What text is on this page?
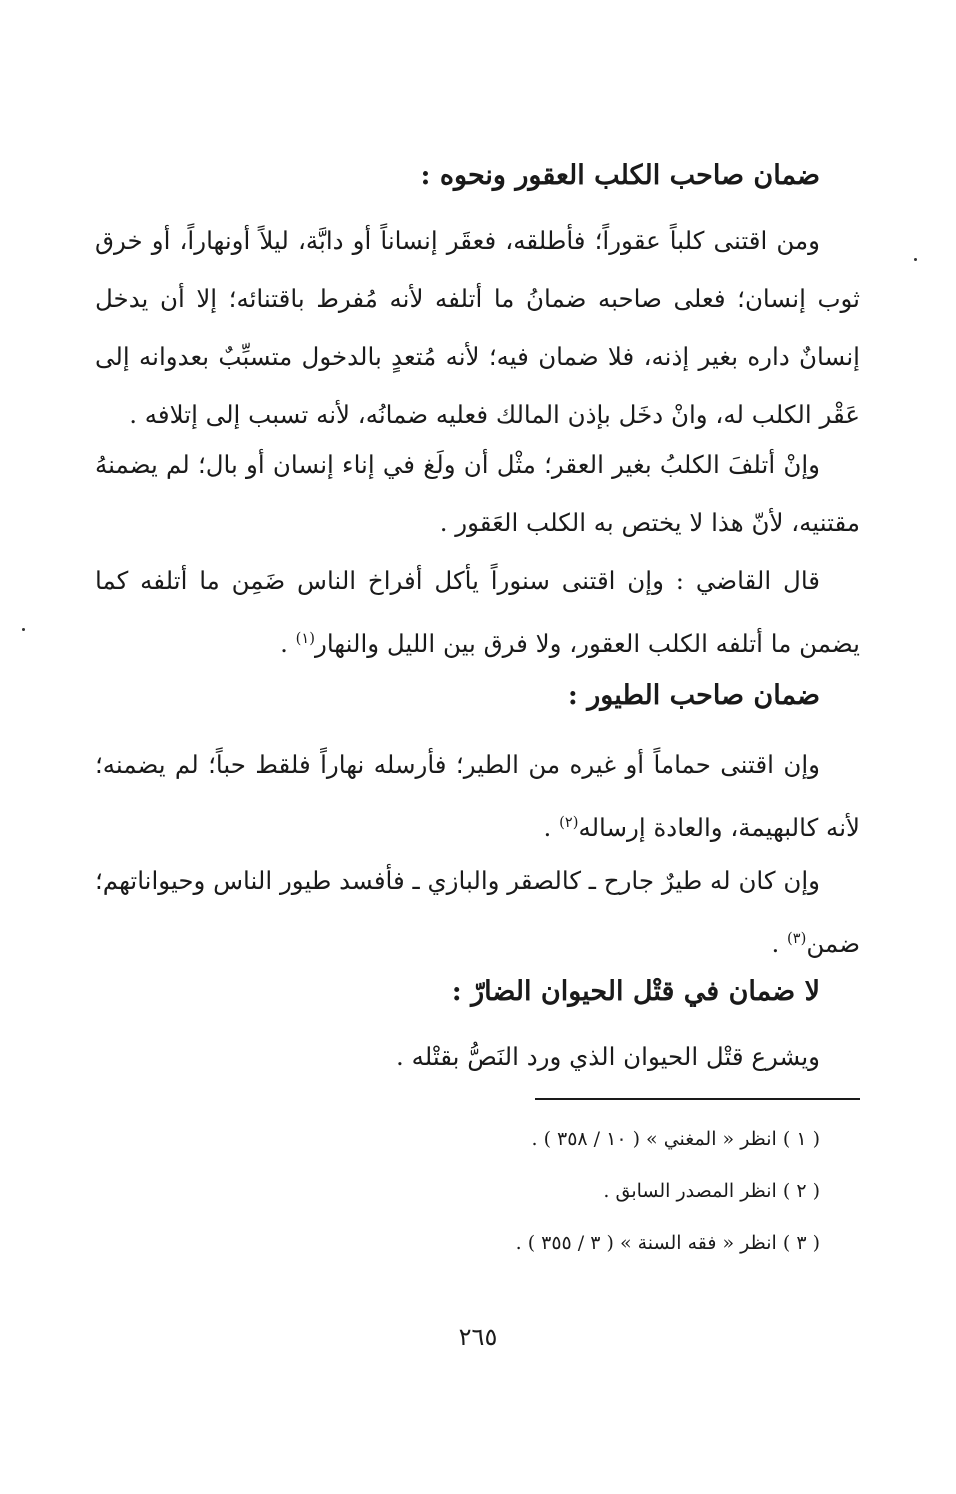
ضمان صاحب الكلب العقور ونحوه :

ومن اقتنى كلباً عقوراً؛ فأطلقه، فعقَر إنساناً أو دابَّة، ليلاً أونهاراً، أو خرق ثوب إنسان؛ فعلى صاحبه ضمانُ ما أتلفه لأنه مُفرط باقتنائه؛ إلا أن يدخل إنسانٌ داره بغير إذنه، فلا ضمان فيه؛ لأنه مُتعدٍ بالدخول متسبِّبٌ بعدوانه إلى عَقْر الكلب له، وانْ دخَل بإذن المالك فعليه ضمانُه، لأنه تسبب إلى إتلافه .

وإنْ أتلفَ الكلبُ بغير العقر؛ مثْل أن ولَغ في إناء إنسان أو بال؛ لم يضمنهُ مقتنيه، لأنّ هذا لا يختص به الكلب العَقور .

قال القاضي : وإن اقتنى سنوراً يأكل أفراخ الناس ضَمِن ما أتلفه كما يضمن ما أتلفه الكلب العقور، ولا فرق بين الليل والنهار$^{(١)}$ .

ضمان صاحب الطيور :

وإن اقتنى حماماً أو غيره من الطير؛ فأرسله نهاراً فلقط حباً؛ لم يضمنه؛ لأنه كالبهيمة، والعادة إرساله$^{(٢)}$ .

وإن كان له طيرٌ جارح ـ كالصقر والبازي ـ فأفسد طيور الناس وحيواناتهم؛ ضمن$^{(٣)}$ .

لا ضمان في قتْل الحيوان الضارّ :

ويشرع قتْل الحيوان الذي ورد النَصُّ بقتْله .

( ١ ) انظر « المغني » ( ١٠ / ٣٥٨ ) .
( ٢ ) انظر المصدر السابق .
( ٣ ) انظر « فقه السنة » ( ٣ / ٣٥٥ ) .
٢٦٥
